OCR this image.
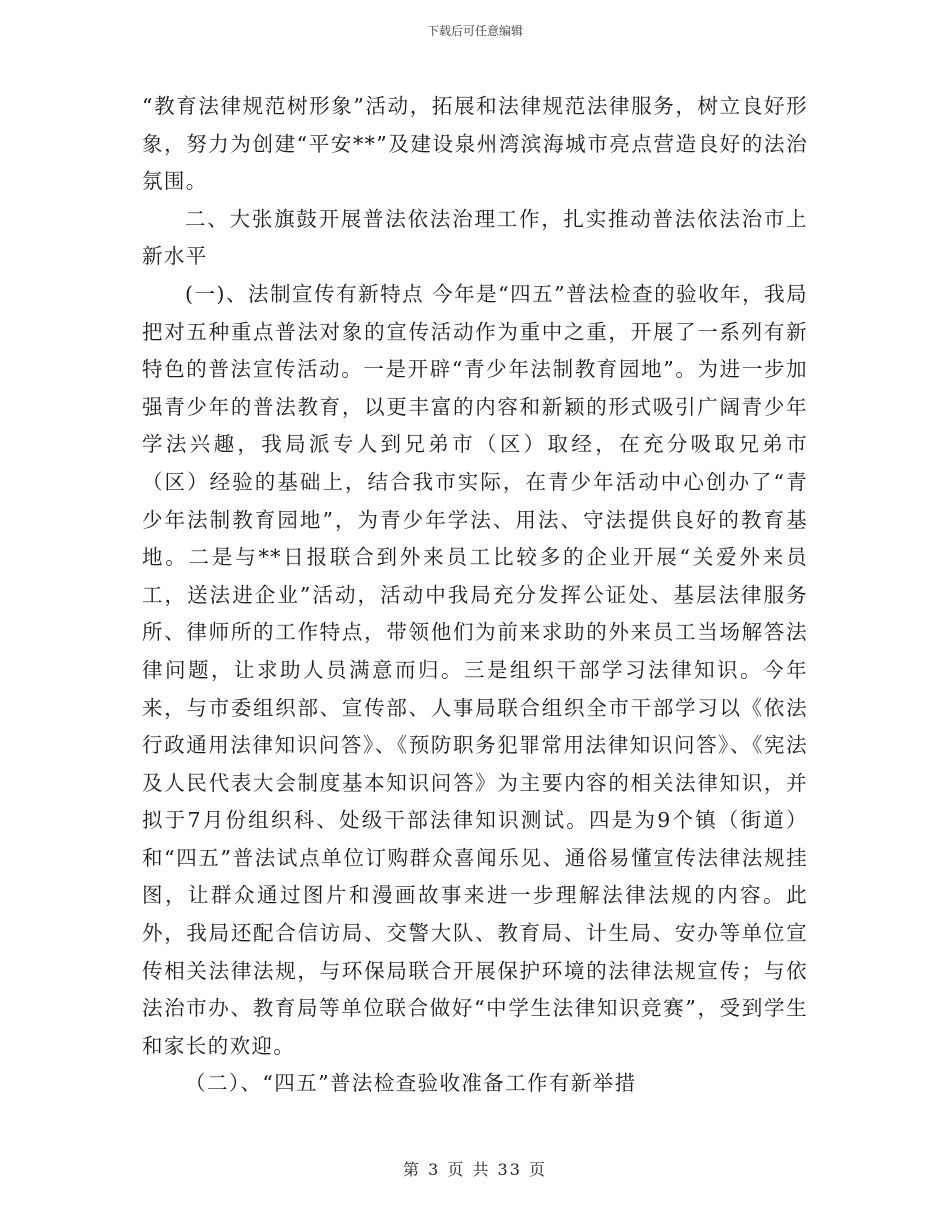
下载后可任意编辑

“教育法律规范树形象”活动，拓展和法律规范法律服务，树立良好形象，努力为创建“平安**”及建设泉州湾滨海城市亮点营造良好的法治氛围。

二、大张旗鼓开展普法依法治理工作，扎实推动普法依法治市上新水平

(一)、法制宣传有新特点 今年是“四五”普法检查的验收年，我局把对五种重点普法对象的宣传活动作为重中之重，开展了一系列有新特色的普法宣传活动。一是开辟“青少年法制教育园地”。为进一步加强青少年的普法教育，以更丰富的内容和新颖的形式吸引广阔青少年学法兴趣，我局派专人到兄弟市（区）取经，在充分吸取兄弟市（区）经验的基础上，结合我市实际，在青少年活动中心创办了“青少年法制教育园地”，为青少年学法、用法、守法提供良好的教育基地。二是与**日报联合到外来员工比较多的企业开展“关爱外来员工，送法进企业”活动，活动中我局充分发挥公证处、基层法律服务所、律师所的工作特点，带领他们为前来求助的外来员工当场解答法律问题，让求助人员满意而归。三是组织干部学习法律知识。今年来，与市委组织部、宣传部、人事局联合组织全市干部学习以《依法行政通用法律知识问答》、《预防职务犯罪常用法律知识问答》、《宪法及人民代表大会制度基本知识问答》为主要内容的相关法律知识，并拟于7月份组织科、处级干部法律知识测试。四是为9个镇（街道）和“四五”普法试点单位订购群众喜闻乐见、通俗易懂宣传法律法规挂图，让群众通过图片和漫画故事来进一步理解法律法规的内容。此外，我局还配合信访局、交警大队、教育局、计生局、安办等单位宣传相关法律法规，与环保局联合开展保护环境的法律法规宣传；与依法治市办、教育局等单位联合做好“中学生法律知识竞赛”，受到学生和家长的欢迎。

（二）、“四五”普法检查验收准备工作有新举措

第 3 页 共 33 页
